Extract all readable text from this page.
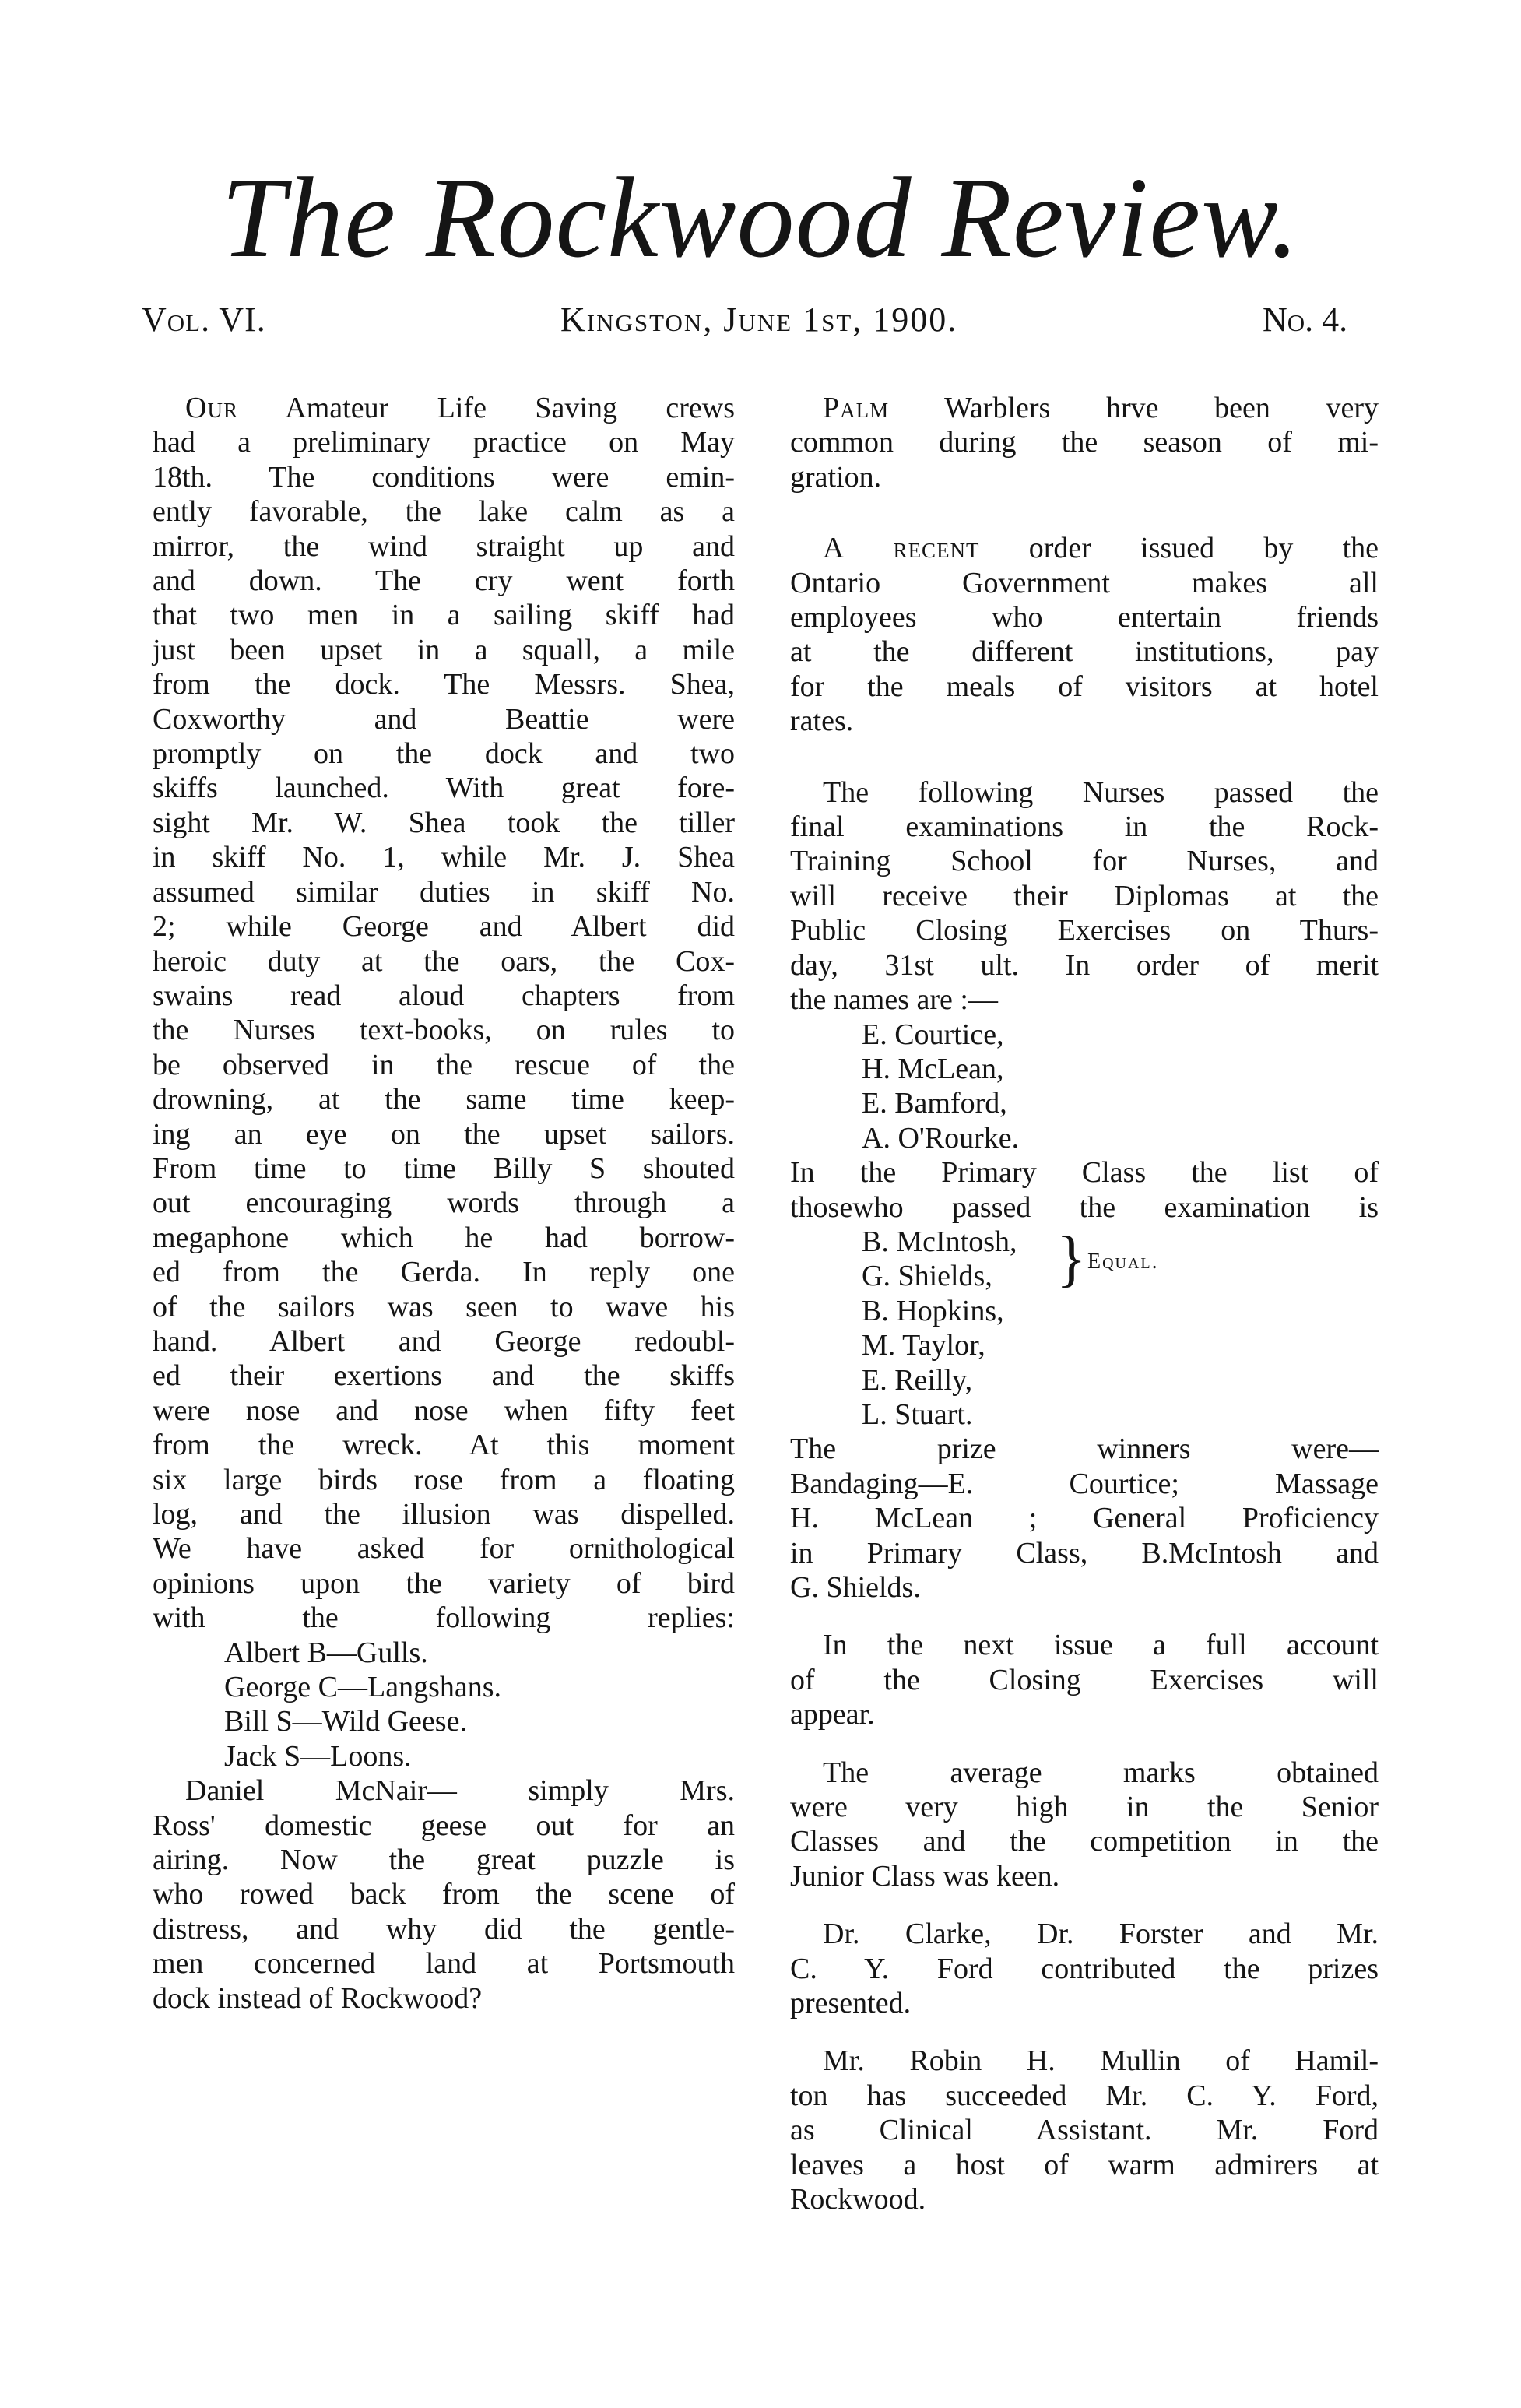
The Rockwood Review.
Vol. VI.	Kingston, June 1st, 1900.	No. 4.

Our Amateur Life Saving crews

had a preliminary practice on May

18th. The conditions were emin-

ently favorable, the lake calm as a

mirror, the wind straight up and

and down. The cry went forth

that two men in a sailing skiff had

just been upset in a squall, a mile

from the dock. The Messrs. Shea,

Coxworthy and Beattie were

promptly on the dock and two

skiffs launched. With great fore-

sight Mr. W. Shea took the tiller

in skiff No. 1, while Mr. J. Shea

assumed similar duties in skiff No.

2; while George and Albert did

heroic duty at the oars, the Cox-

swains read aloud chapters from

the Nurses text-books, on rules to

be observed in the rescue of the

drowning, at the same time keep-

ing an eye on the upset sailors.

From time to time Billy S shouted

out encouraging words through a

megaphone which he had borrow-

ed from the Gerda. In reply one

of the sailors was seen to wave his

hand. Albert and George redoubl-

ed their exertions and the skiffs

were nose and nose when fifty feet

from the wreck. At this moment

six large birds rose from a floating

log, and the illusion was dispelled.

We have asked for ornithological

opinions upon the variety of bird

with the following replies:

Albert B—Gulls.

George C—Langshans.

Bill S—Wild Geese.

Jack S—Loons.

Daniel McNair— simply Mrs.

Ross' domestic geese out for an

airing. Now the great puzzle is

who rowed back from the scene of

distress, and why did the gentle-

men concerned land at Portsmouth

dock instead of Rockwood?

Palm Warblers hrve been very

common during the season of mi-

gration.

A recent order issued by the

Ontario Government makes all

employees who entertain friends

at the different institutions, pay

for the meals of visitors at hotel

rates.

The following Nurses passed the

final examinations in the Rock-

Training School for Nurses, and

will receive their Diplomas at the

Public Closing Exercises on Thurs-

day, 31st ult. In order of merit

the names are :—

E. Courtice,

H. McLean,

E. Bamford,

A. O'Rourke.

In the Primary Class the list of

thosewho passed the examination is

B. McIntosh,

G. Shields,	} Equal.

B. Hopkins,

M. Taylor,

E. Reilly,

L. Stuart.

The prize winners were—

Bandaging—E. Courtice; Massage

H. McLean ; General Proficiency

in Primary Class, B.McIntosh and

G. Shields.

In the next issue a full account

of the Closing Exercises will

appear.

The average marks obtained

were very high in the Senior

Classes and the competition in the

Junior Class was keen.

Dr. Clarke, Dr. Forster and Mr.

C. Y. Ford contributed the prizes

presented.

Mr. Robin H. Mullin of Hamil-

ton has succeeded Mr. C. Y. Ford,

as Clinical Assistant. Mr. Ford

leaves a host of warm admirers at

Rockwood.
